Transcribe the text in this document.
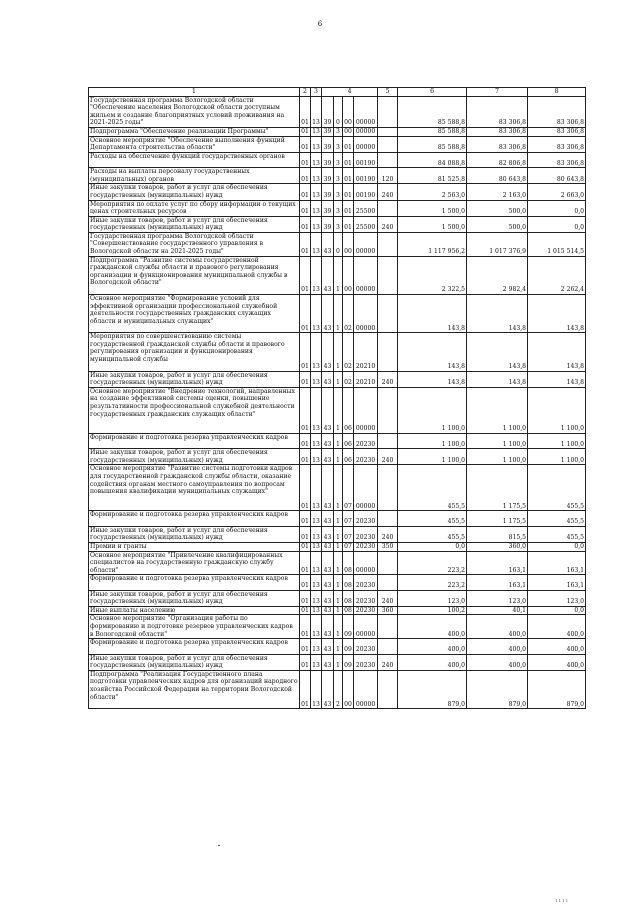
6
1	2	3	4				5	6	7	8
Государственная программа Вологодской области "Обеспечение населения Вологодской области доступным жильем и создание благоприятных условий проживания на 2021-2025 годы"	01	13	39	0	00	00000		85 588,8	83 306,8	83 306,8
Подпрограмма "Обеспечение реализации Программы"	01	13	39	3	00	00000		85 588,8	83 306,8	83 306,8
Основное мероприятие "Обеспечение выполнения функций Департамента строительства области"	01	13	39	3	01	00000		85 588,8	83 306,8	83 306,8
Расходы на обеспечение функций государственных органов	01	13	39	3	01	00190		84 088,8	82 806,8	83 306,8
Расходы на выплаты персоналу государственных (муниципальных) органов	01	13	39	3	01	00190	120	81 525,8	80 643,8	80 643,8
Иные закупки товаров, работ и услуг для обеспечения государственных (муниципальных) нужд	01	13	39	3	01	00190	240	2 563,0	2 163,0	2 663,0
Мероприятия по оплате услуг по сбору информации о текущих ценах строительных ресурсов	01	13	39	3	01	25500		1 500,0	500,0	0,0
Иные закупки товаров, работ и услуг для обеспечения государственных (муниципальных) нужд	01	13	39	3	01	25500	240	1 500,0	500,0	0,0
Государственная программа Вологодской области "Совершенствование государственного управления в Вологодской области на 2021-2025 годы"	01	13	43	0	00	00000		1 117 956,2	1 017 376,9	1 015 514,5
Подпрограмма "Развитие системы государственной гражданской службы области и правового регулирования организации и функционирования муниципальной службы в Вологодской области"	01	13	43	1	00	00000		2 322,5	2 982,4	2 262,4
Основное мероприятие "Формирование условий для эффективной организации профессиональной служебной деятельности государственных гражданских служащих области и муниципальных служащих"	01	13	43	1	02	00000		143,8	143,8	143,8
Мероприятия по совершенствованию системы государственной гражданской службы области и правового регулирования организации и функционирования муниципальной службы	01	13	43	1	02	20210		143,8	143,8	143,8
Иные закупки товаров, работ и услуг для обеспечения государственных (муниципальных) нужд	01	13	43	1	02	20210	240	143,8	143,8	143,8
Основное мероприятие "Внедрение технологий, направленных на создание эффективной системы оценки, повышение результативности профессиональной служебной деятельности государственных гражданских служащих области"	01	13	43	1	06	00000		1 100,0	1 100,0	1 100,0
Формирование и подготовка резерва управленческих кадров	01	13	43	1	06	20230		1 100,0	1 100,0	1 100,0
Иные закупки товаров, работ и услуг для обеспечения государственных (муниципальных) нужд	01	13	43	1	06	20230	240	1 100,0	1 100,0	1 100,0
Основное мероприятие "Развитие системы подготовки кадров для государственной гражданской службы области, оказание содействия органам местного самоуправления по вопросам повышения квалификации муниципальных служащих"	01	13	43	1	07	00000		455,5	1 175,5	455,5
Формирование и подготовка резерва управленческих кадров	01	13	43	1	07	20230		455,5	1 175,5	455,5
Иные закупки товаров, работ и услуг для обеспечения государственных (муниципальных) нужд	01	13	43	1	07	20230	240	455,5	815,5	455,5
Премии и гранты	01	13	43	1	07	20230	350	0,0	360,0	0,0
Основное мероприятие "Привлечение квалифицированных специалистов на государственную гражданскую службу области"	01	13	43	1	08	00000		223,2	163,1	163,1
Формирование и подготовка резерва управленческих кадров	01	13	43	1	08	20230		223,2	163,1	163,1
Иные закупки товаров, работ и услуг для обеспечения государственных (муниципальных) нужд	01	13	43	1	08	20230	240	123,0	123,0	123,0
Иные выплаты населению	01	13	43	1	08	20230	360	100,2	40,1	0,0
Основное мероприятие "Организация работы по формированию и подготовке резервов управленческих кадров в Вологодской области"	01	13	43	1	09	00000		400,0	400,0	400,0
Формирование и подготовка резерва управленческих кадров	01	13	43	1	09	20230		400,0	400,0	400,0
Иные закупки товаров, работ и услуг для обеспечения государственных (муниципальных) нужд	01	13	43	1	09	20230	240	400,0	400,0	400,0
Подпрограмма "Реализация Государственного плана подготовки управленческих кадров для организаций народного хозяйства Российской Федерации на территории Вологодской области"	01	13	43	2	00	00000		879,0	879,0	879,0
1111
